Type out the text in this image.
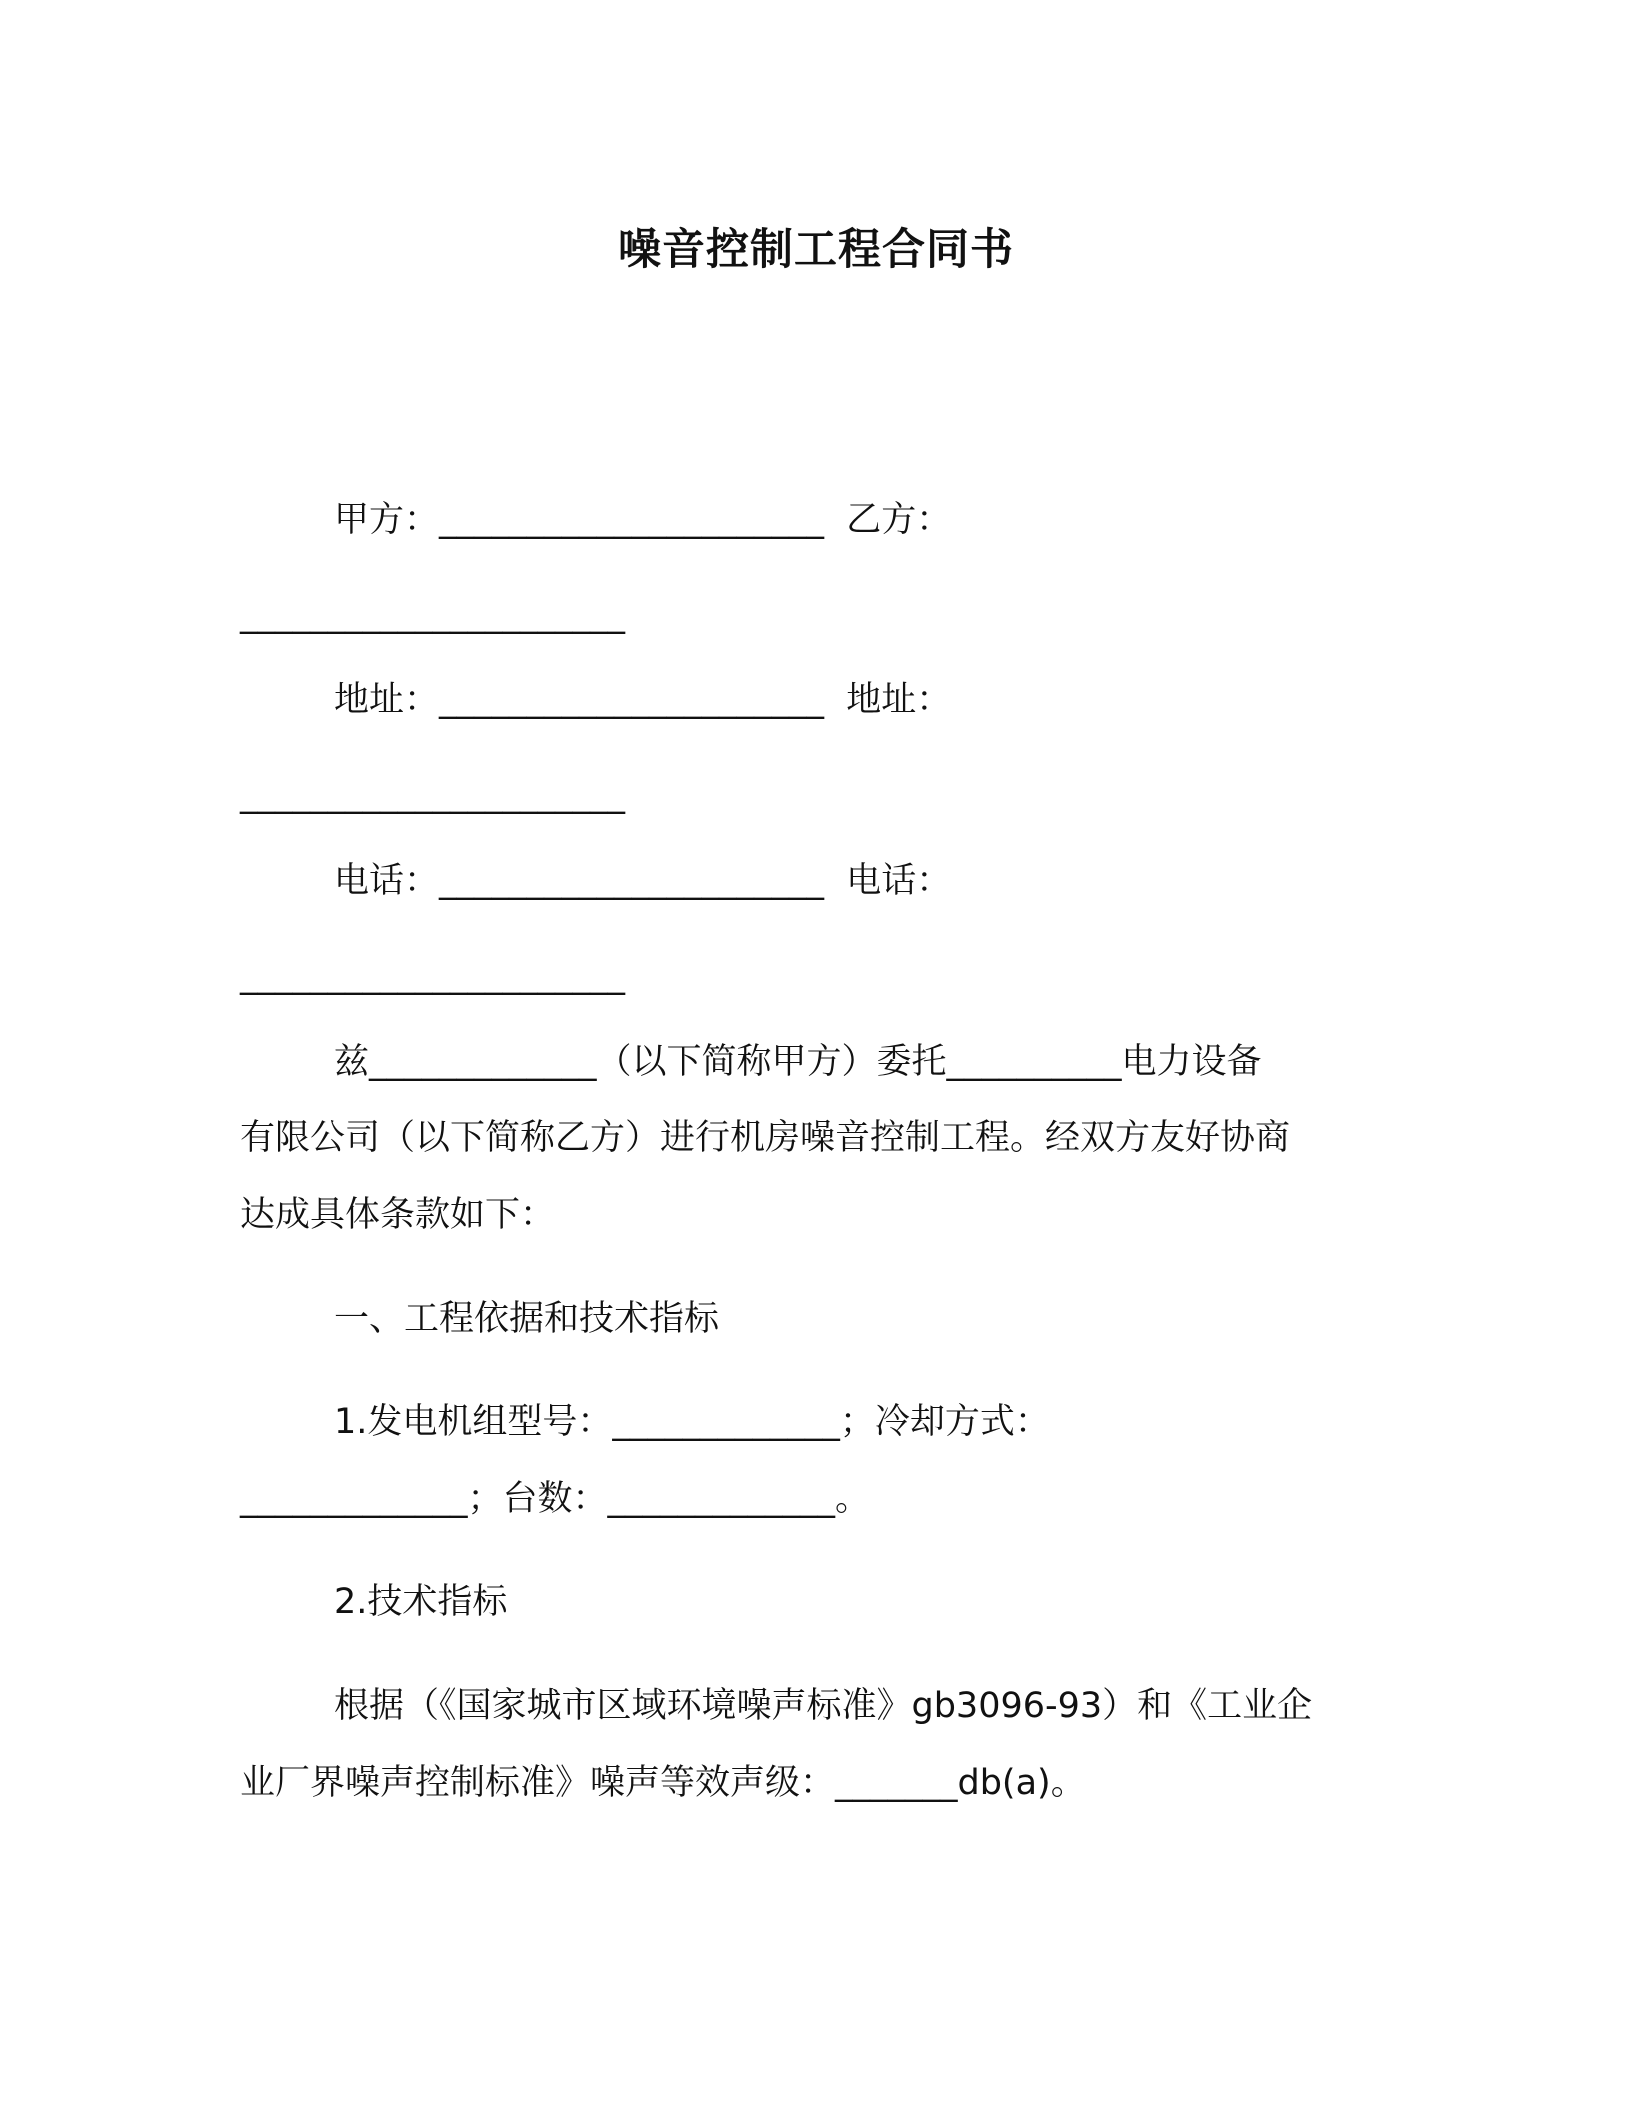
噪音控制工程合同书
甲方：______________________  乙方：
______________________
地址：______________________  地址：
______________________
电话：______________________  电话：
______________________
兹_____________（以下简称甲方）委托__________电力设备
有限公司（以下简称乙方）进行机房噪音控制工程。经双方友好协商
达成具体条款如下：
一、工程依据和技术指标
1.发电机组型号：_____________；冷却方式：
_____________；台数：_____________。
2.技术指标
根据（《国家城市区域环境噪声标准》gb3096-93）和《工业企
业厂界噪声控制标准》噪声等效声级：_______db(a)。
